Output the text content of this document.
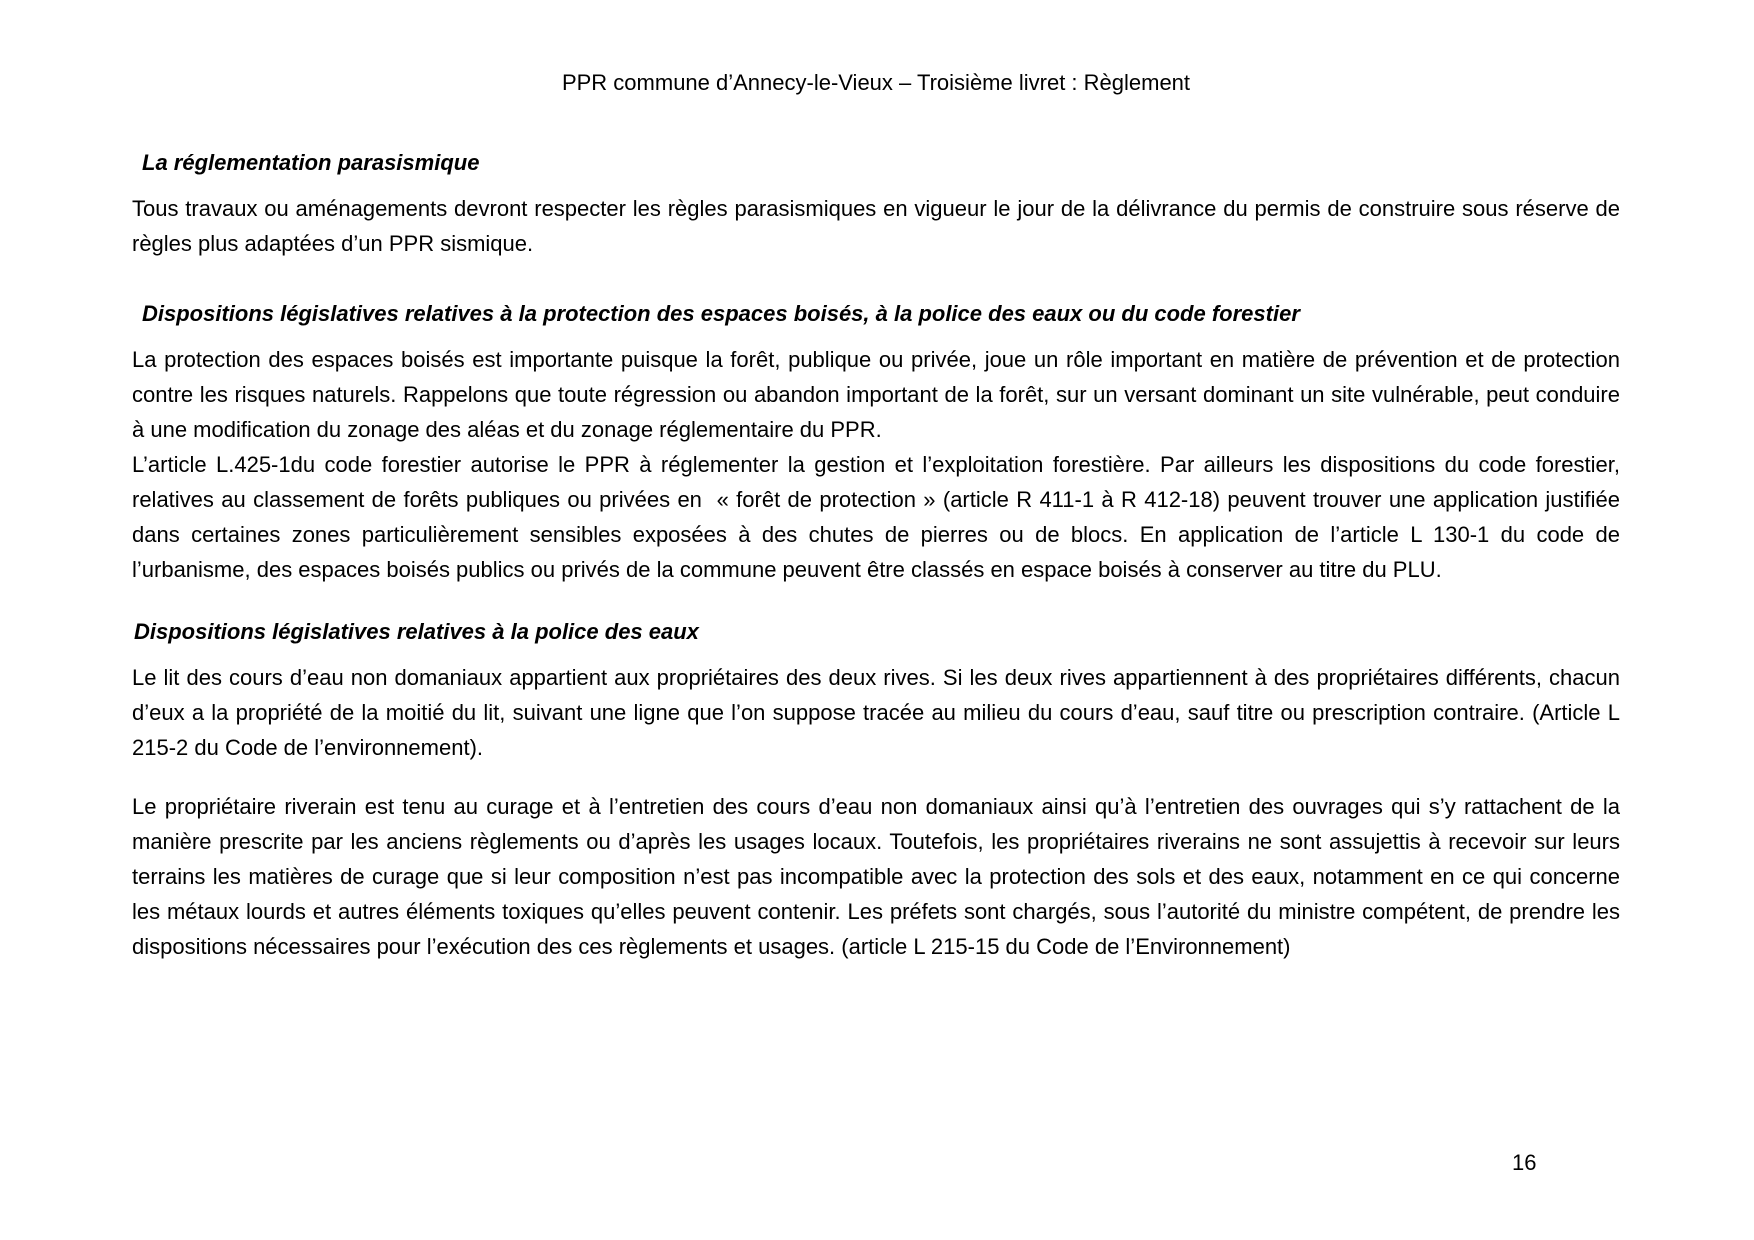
PPR commune d’Annecy-le-Vieux – Troisième livret : Règlement
La réglementation parasismique

Tous travaux ou aménagements devront respecter les règles parasismiques en vigueur le jour de la délivrance du permis de construire sous réserve de règles plus adaptées d’un PPR sismique.

Dispositions législatives relatives à la protection des espaces boisés, à la police des eaux ou du code forestier

La protection des espaces boisés est importante puisque la forêt, publique ou privée, joue un rôle important en matière de prévention et de protection contre les risques naturels. Rappelons que toute régression ou abandon important de la forêt, sur un versant dominant un site vulnérable, peut conduire à une modification du zonage des aléas et du zonage réglementaire du PPR.

L’article L.425-1du code forestier autorise le PPR à réglementer la gestion et l’exploitation forestière. Par ailleurs les dispositions du code forestier, relatives au classement de forêts publiques ou privées en  « forêt de protection » (article R 411-1 à R 412-18) peuvent trouver une application justifiée dans certaines zones particulièrement sensibles exposées à des chutes de pierres ou de blocs. En application de l’article L 130-1 du code de l’urbanisme, des espaces boisés publics ou privés de la commune peuvent être classés en espace boisés à conserver au titre du PLU.

Dispositions législatives relatives à la police des eaux

Le lit des cours d’eau non domaniaux appartient aux propriétaires des deux rives. Si les deux rives appartiennent à des propriétaires différents, chacun d’eux a la propriété de la moitié du lit, suivant une ligne que l’on suppose tracée au milieu du cours d’eau, sauf titre ou prescription contraire. (Article L 215-2 du Code de l’environnement).

Le propriétaire riverain est tenu au curage et à l’entretien des cours d’eau non domaniaux ainsi qu’à l’entretien des ouvrages qui s’y rattachent de la manière prescrite par les anciens règlements ou d’après les usages locaux. Toutefois, les propriétaires riverains ne sont assujettis à recevoir sur leurs terrains les matières de curage que si leur composition n’est pas incompatible avec la protection des sols et des eaux, notamment en ce qui concerne les métaux lourds et autres éléments toxiques qu’elles peuvent contenir. Les préfets sont chargés, sous l’autorité du ministre compétent, de prendre les dispositions nécessaires pour l’exécution des ces règlements et usages. (article L 215-15 du Code de l’Environnement)

16
